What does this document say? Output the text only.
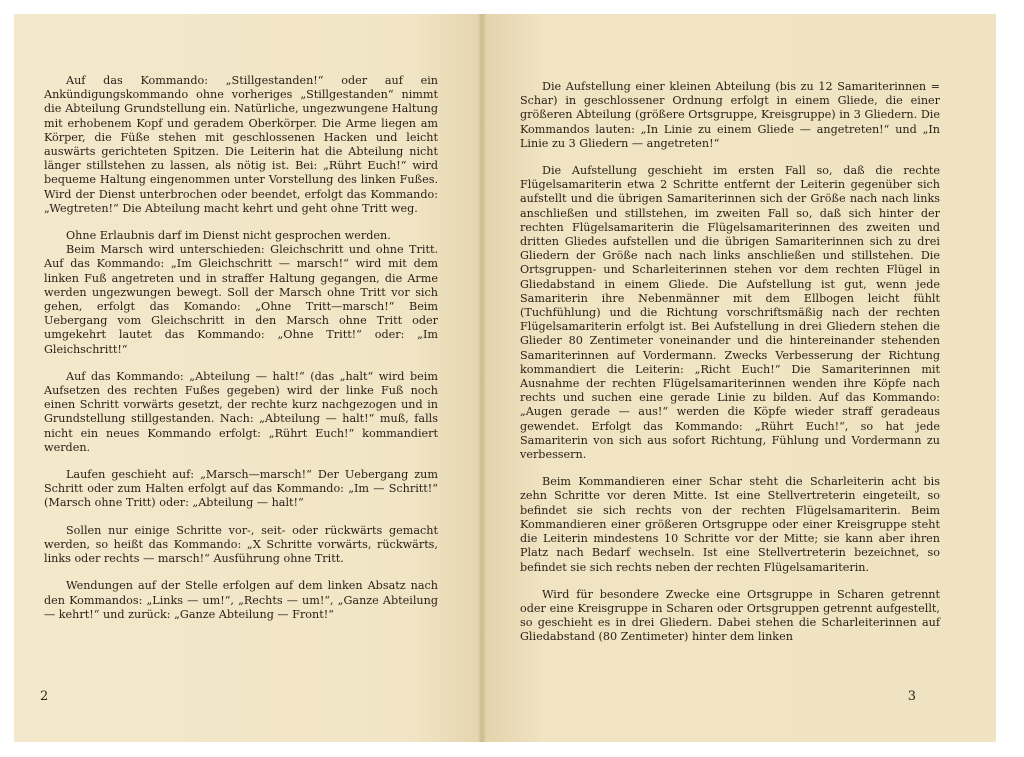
Auf das Kommando: „Stillgestanden!“ oder auf ein Ankündigungskommando ohne vorheriges „Stillgestanden“ nimmt die Abteilung Grundstellung ein. Natürliche, ungezwungene Haltung mit erhobenem Kopf und geradem Oberkörper. Die Arme liegen am Körper, die Füße stehen mit geschlossenen Hacken und leicht auswärts gerichteten Spitzen. Die Leiterin hat die Abteilung nicht länger stillstehen zu lassen, als nötig ist. Bei: „Rührt Euch!“ wird bequeme Haltung eingenommen unter Vorstellung des linken Fußes. Wird der Dienst unterbrochen oder beendet, erfolgt das Kommando: „Wegtreten!“ Die Abteilung macht kehrt und geht ohne Tritt weg.

Ohne Erlaubnis darf im Dienst nicht gesprochen werden.

Beim Marsch wird unterschieden: Gleichschritt und ohne Tritt. Auf das Kommando: „Im Gleichschritt — marsch!“ wird mit dem linken Fuß angetreten und in straffer Haltung gegangen, die Arme werden ungezwungen bewegt. Soll der Marsch ohne Tritt vor sich gehen, erfolgt das Komando: „Ohne Tritt—marsch!“ Beim Uebergang vom Gleichschritt in den Marsch ohne Tritt oder umgekehrt lautet das Kommando: „Ohne Tritt!“ oder: „Im Gleichschritt!“

Auf das Kommando: „Abteilung — halt!“ (das „halt“ wird beim Aufsetzen des rechten Fußes gegeben) wird der linke Fuß noch einen Schritt vorwärts gesetzt, der rechte kurz nachgezogen und in Grundstellung stillgestanden. Nach: „Abteilung — halt!“ muß, falls nicht ein neues Kommando erfolgt: „Rührt Euch!“ kommandiert werden.

Laufen geschieht auf: „Marsch—marsch!“ Der Uebergang zum Schritt oder zum Halten erfolgt auf das Kommando: „Im — Schritt!“ (Marsch ohne Tritt) oder: „Abteilung — halt!“

Sollen nur einige Schritte vor-, seit- oder rückwärts gemacht werden, so heißt das Kommando: „X Schritte vorwärts, rückwärts, links oder rechts — marsch!“ Ausführung ohne Tritt.

Wendungen auf der Stelle erfolgen auf dem linken Absatz nach den Kommandos: „Links — um!“, „Rechts — um!“, „Ganze Abteilung — kehrt!“ und zurück: „Ganze Abteilung — Front!“

2

Die Aufstellung einer kleinen Abteilung (bis zu 12 Samariterinnen = Schar) in geschlossener Ordnung erfolgt in einem Gliede, die einer größeren Abteilung (größere Ortsgruppe, Kreisgruppe) in 3 Gliedern. Die Kommandos lauten: „In Linie zu einem Gliede — angetreten!“ und „In Linie zu 3 Gliedern — angetreten!“

Die Aufstellung geschieht im ersten Fall so, daß die rechte Flügelsamariterin etwa 2 Schritte entfernt der Leiterin gegenüber sich aufstellt und die übrigen Samariterinnen sich der Größe nach nach links anschließen und stillstehen, im zweiten Fall so, daß sich hinter der rechten Flügelsamariterin die Flügelsamariterinnen des zweiten und dritten Gliedes aufstellen und die übrigen Samariterinnen sich zu drei Gliedern der Größe nach nach links anschließen und stillstehen. Die Ortsgruppen- und Scharleiterinnen stehen vor dem rechten Flügel in Gliedabstand in einem Gliede. Die Aufstellung ist gut, wenn jede Samariterin ihre Nebenmänner mit dem Ellbogen leicht fühlt (Tuchfühlung) und die Richtung vorschriftsmäßig nach der rechten Flügelsamariterin erfolgt ist. Bei Aufstellung in drei Gliedern stehen die Glieder 80 Zentimeter voneinander und die hintereinander stehenden Samariterinnen auf Vordermann. Zwecks Verbesserung der Richtung kommandiert die Leiterin: „Richt Euch!“ Die Samariterinnen mit Ausnahme der rechten Flügelsamariterinnen wenden ihre Köpfe nach rechts und suchen eine gerade Linie zu bilden. Auf das Kommando: „Augen gerade — aus!“ werden die Köpfe wieder straff geradeaus gewendet. Erfolgt das Kommando: „Rührt Euch!“, so hat jede Samariterin von sich aus sofort Richtung, Fühlung und Vordermann zu verbessern.

Beim Kommandieren einer Schar steht die Scharleiterin acht bis zehn Schritte vor deren Mitte. Ist eine Stellvertreterin eingeteilt, so befindet sie sich rechts von der rechten Flügelsamariterin. Beim Kommandieren einer größeren Ortsgruppe oder einer Kreisgruppe steht die Leiterin mindestens 10 Schritte vor der Mitte; sie kann aber ihren Platz nach Bedarf wechseln. Ist eine Stellvertreterin bezeichnet, so befindet sie sich rechts neben der rechten Flügelsamariterin.

Wird für besondere Zwecke eine Ortsgruppe in Scharen getrennt oder eine Kreisgruppe in Scharen oder Ortsgruppen getrennt aufgestellt, so geschieht es in drei Gliedern. Dabei stehen die Scharleiterinnen auf Gliedabstand (80 Zentimeter) hinter dem linken

3
